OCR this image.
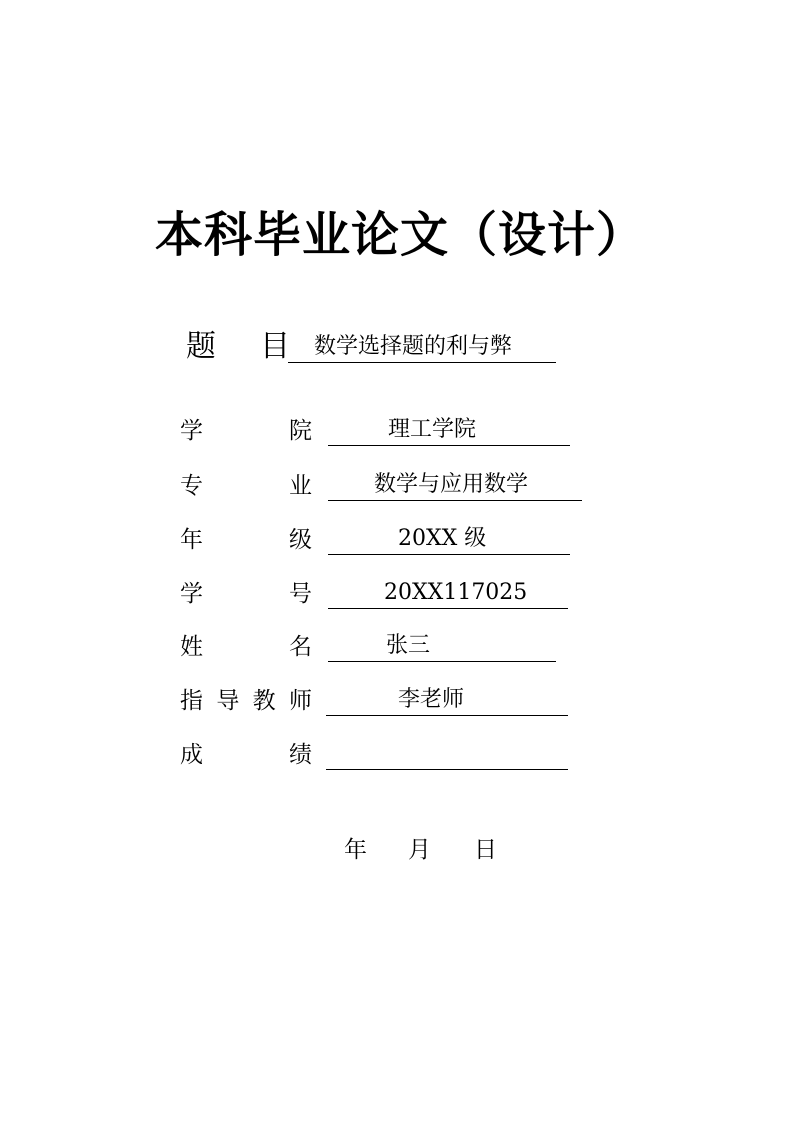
本科毕业论文（设计）
题 目	数学选择题的利与弊
学	院	理工学院
专	业	数学与应用数学
年	级	20XX 级
学	号	20XX117025
姓	名	张三
指 导 教 师	李老师
成	绩
年 月 日
